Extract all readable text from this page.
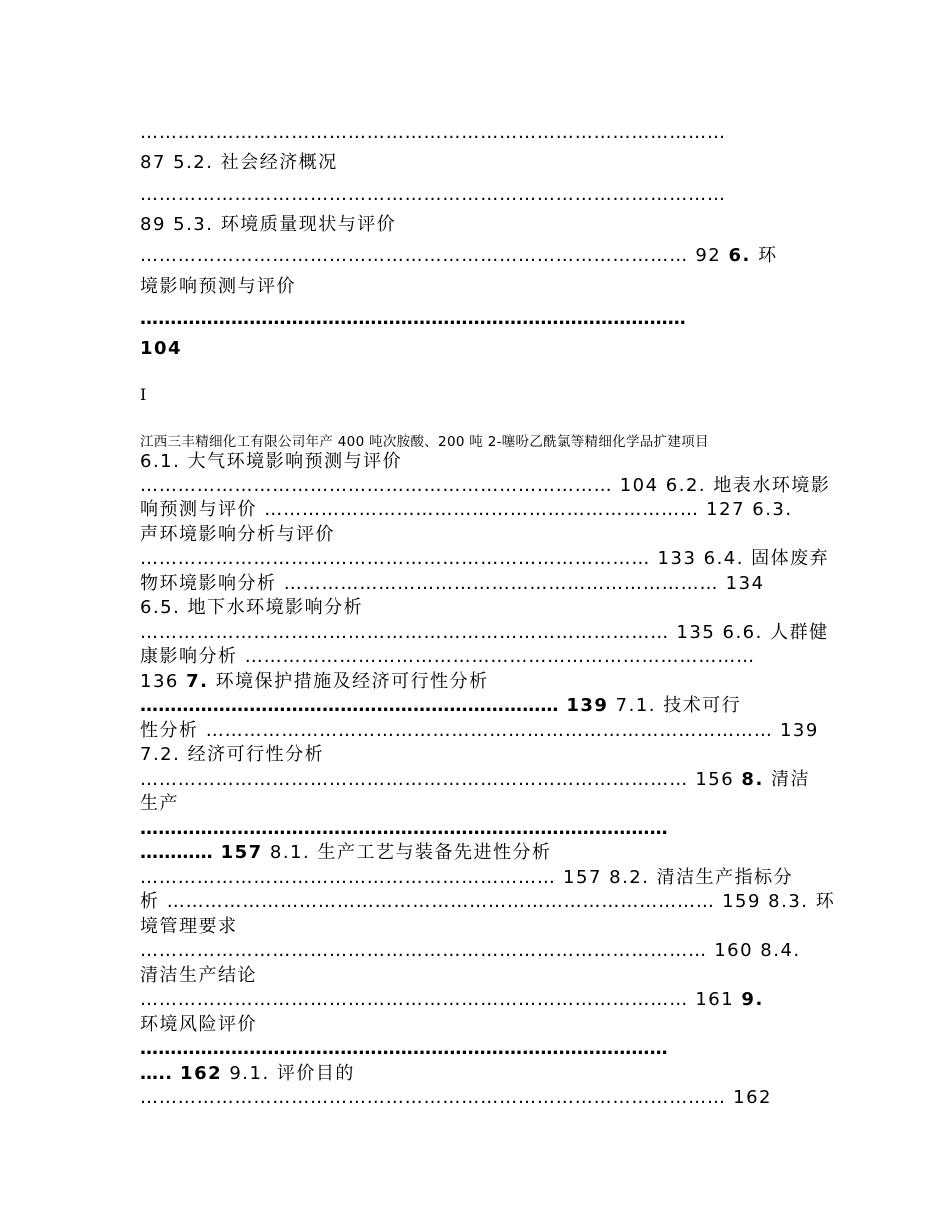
…………………………………………………………………………………
87 5.2. 社会经济概况
…………………………………………………………………………………
89 5.3. 环境质量现状与评价
…………………………………………………………………………… 92 6. 环
境影响预测与评价
………………………………………………………………………………
104
I
江西三丰精细化工有限公司年产 400 吨次胺酸、200 吨 2-噻吩乙酰氯等精细化学品扩建项目
6.1. 大气环境影响预测与评价
………………………………………………………………… 104 6.2. 地表水环境影
响预测与评价 …………………………………………………………… 127 6.3.
声环境影响分析与评价
……………………………………………………………………… 133 6.4. 固体废弃
物环境影响分析 …………………………………………………………… 134
6.5. 地下水环境影响分析
………………………………………………………………………… 135 6.6. 人群健
康影响分析 ………………………………………………………………………
136 7. 环境保护措施及经济可行性分析
…………………………………………………………… 139 7.1. 技术可行
性分析 ……………………………………………………………………………… 139
7.2. 经济可行性分析
…………………………………………………………………………… 156 8. 清洁
生产
……………………………………………………………………………
………… 157 8.1. 生产工艺与装备先进性分析
………………………………………………………… 157 8.2. 清洁生产指标分
析 …………………………………………………………………………… 159 8.3. 环
境管理要求
……………………………………………………………………………… 160 8.4.
清洁生产结论
…………………………………………………………………………… 161 9.
环境风险评价
……………………………………………………………………………
….. 162 9.1. 评价目的
………………………………………………………………………………… 162
